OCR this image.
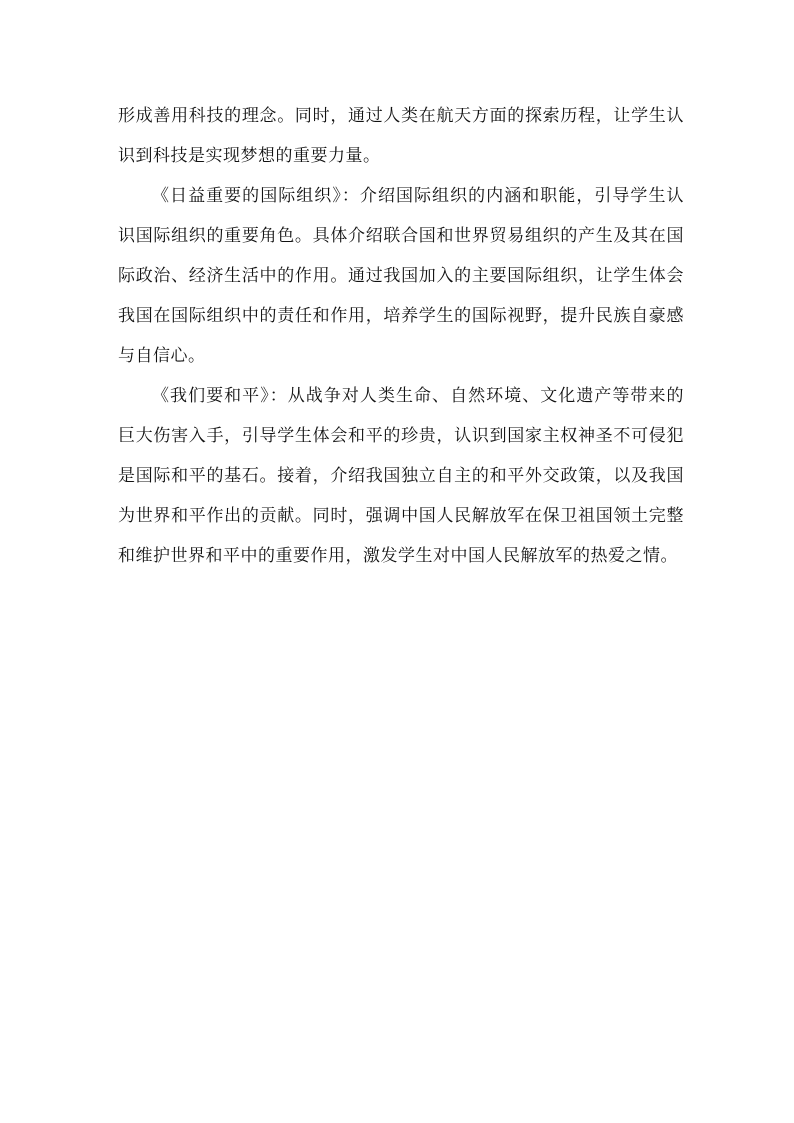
形成善用科技的理念。同时，通过人类在航天方面的探索历程，让学生认识到科技是实现梦想的重要力量。

《日益重要的国际组织》：介绍国际组织的内涵和职能，引导学生认识国际组织的重要角色。具体介绍联合国和世界贸易组织的产生及其在国际政治、经济生活中的作用。通过我国加入的主要国际组织，让学生体会我国在国际组织中的责任和作用，培养学生的国际视野，提升民族自豪感与自信心。

《我们要和平》：从战争对人类生命、自然环境、文化遗产等带来的巨大伤害入手，引导学生体会和平的珍贵，认识到国家主权神圣不可侵犯是国际和平的基石。接着，介绍我国独立自主的和平外交政策，以及我国为世界和平作出的贡献。同时，强调中国人民解放军在保卫祖国领土完整和维护世界和平中的重要作用，激发学生对中国人民解放军的热爱之情。
